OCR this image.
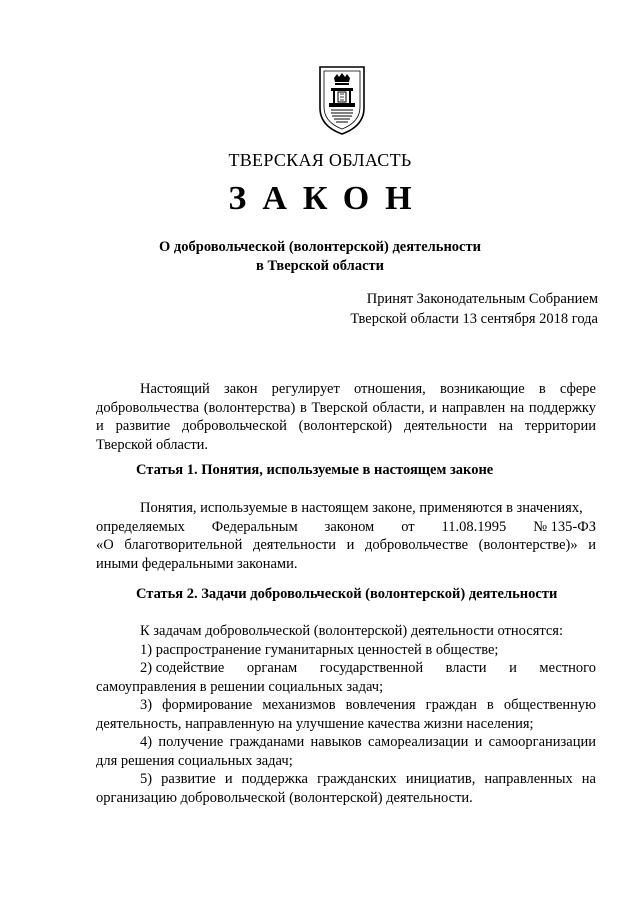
ТВЕРСКАЯ ОБЛАСТЬ
ЗАКОН
О добровольческой (волонтерской) деятельности
в Тверской области
Принят Законодательным Собранием
Тверской области 13 сентября 2018 года
Настоящий закон регулирует отношения, возникающие в сфере добровольчества (волонтерства) в Тверской области, и направлен на поддержку и развитие добровольческой (волонтерской) деятельности на территории Тверской области.
Статья 1. Понятия, используемые в настоящем законе
Понятия, используемые в настоящем законе, применяются в значениях,
определяемых Федеральным законом от 11.08.1995 № 135-ФЗ
«О благотворительной деятельности и добровольчестве (волонтерстве)» и иными федеральными законами.
Статья 2. Задачи добровольческой (волонтерской) деятельности
К задачам добровольческой (волонтерской) деятельности относятся:
1) распространение гуманитарных ценностей в обществе;
2) содействие органам государственной власти и местного
самоуправления в решении социальных задач;
3) формирование механизмов вовлечения граждан в общественную деятельность, направленную на улучшение качества жизни населения;
4) получение гражданами навыков самореализации и самоорганизации для решения социальных задач;
5) развитие и поддержка гражданских инициатив, направленных на организацию добровольческой (волонтерской) деятельности.
